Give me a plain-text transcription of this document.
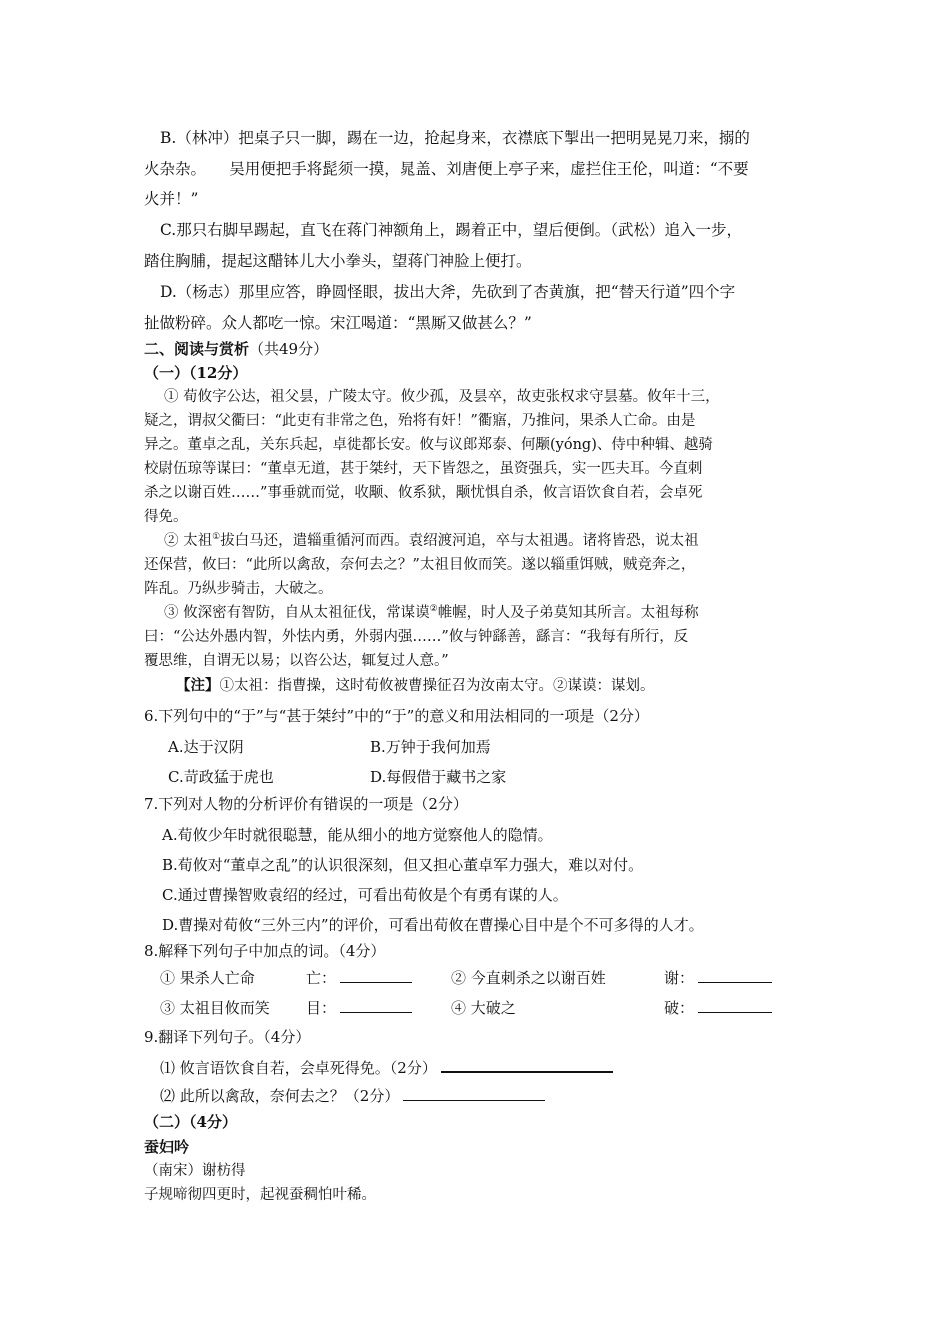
B.（林冲）把桌子只一脚，踢在一边，抢起身来，衣襟底下掣出一把明晃晃刀来，搦的
火杂杂。　　吴用便把手将髭须一摸，晁盖、刘唐便上亭子来，虚拦住王伦，叫道：“不要
火并！”
C.那只右脚早踢起，直飞在蒋门神额角上，踢着正中，望后便倒。（武松）追入一步，
踏住胸脯，提起这醋钵儿大小拳头，望蒋门神脸上便打。
D.（杨志）那里应答，睁圆怪眼，拔出大斧，先砍到了杏黄旗，把“替天行道”四个字
扯做粉碎。众人都吃一惊。宋江喝道：“黑厮又做甚么？”
二、阅读与赏析（共49分）
（一）（12分）
① 荀攸字公达，祖父昙，广陵太守。攸少孤，及昙卒，故吏张权求守昙墓。攸年十三，
疑之，谓叔父衢曰：“此吏有非常之色，殆将有奸！”衢寤，乃推问，果杀人亡命。由是
异之。董卓之乱，关东兵起，卓徙都长安。攸与议郎郑泰、何颙(yóng)、侍中种辑、越骑
校尉伍琼等谋曰：“董卓无道，甚于桀纣，天下皆怨之，虽资强兵，实一匹夫耳。今直刺
杀之以谢百姓……”事垂就而觉，收颙、攸系狱，颙忧惧自杀，攸言语饮食自若，会卓死
得免。
② 太祖①拔白马还，遣辎重循河而西。袁绍渡河追，卒与太祖遇。诸将皆恐，说太祖
还保营，攸曰：“此所以禽敌，奈何去之？”太祖目攸而笑。遂以辎重饵贼，贼竞奔之，
阵乱。乃纵步骑击，大破之。
③ 攸深密有智防，自从太祖征伐，常谋谟②帷幄，时人及子弟莫知其所言。太祖每称
曰：“公达外愚内智，外怯内勇，外弱内强……”攸与钟繇善，繇言：“我每有所行，反
覆思维，自谓无以易；以咨公达，辄复过人意。”
【注】①太祖：指曹操，这时荀攸被曹操征召为汝南太守。②谋谟：谋划。
6.下列句中的“于”与“甚于桀纣”中的“于”的意义和用法相同的一项是（2分）
A.达于汉阴	B.万钟于我何加焉
C.苛政猛于虎也	D.每假借于藏书之家
7.下列对人物的分析评价有错误的一项是（2分）
A.荀攸少年时就很聪慧，能从细小的地方觉察他人的隐情。
B.荀攸对“董卓之乱”的认识很深刻，但又担心董卓军力强大，难以对付。
C.通过曹操智败袁绍的经过，可看出荀攸是个有勇有谋的人。
D.曹操对荀攸“三外三内”的评价，可看出荀攸在曹操心目中是个不可多得的人才。
8.解释下列句子中加点的词。（4分）
① 果杀人亡命	亡：	② 今直刺杀之以谢百姓	谢：
③ 太祖目攸而笑 目：	④ 大破之	破：
9.翻译下列句子。（4分）
⑴ 攸言语饮食自若，会卓死得免。（2分）
⑵ 此所以禽敌，奈何去之？（2分）
（二）（4分）
蚕妇吟
（南宋）谢枋得
子规啼彻四更时，起视蚕稠怕叶稀。
